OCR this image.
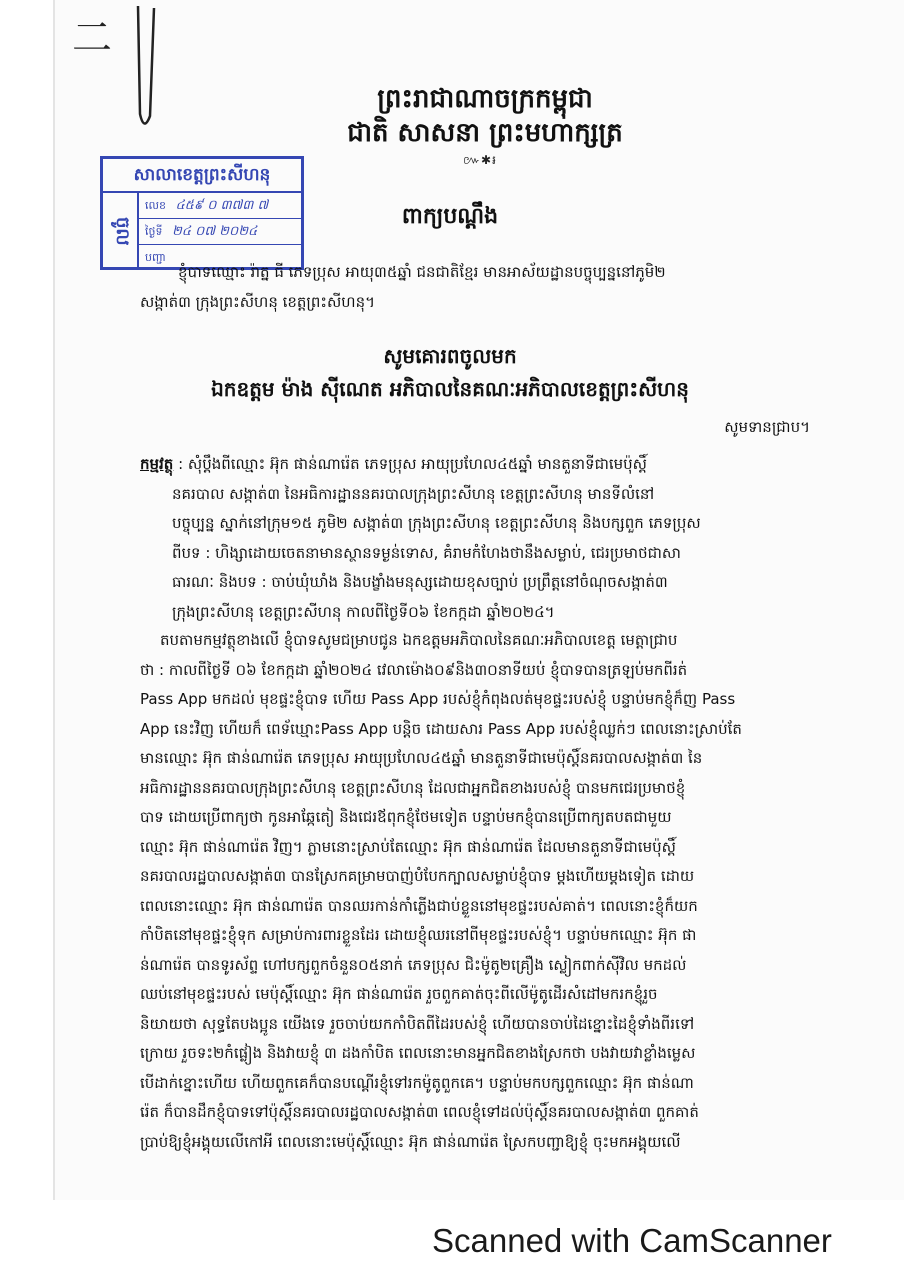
二
ព្រះរាជាណាចក្រកម្ពុជា
ជាតិ សាសនា ព្រះមហាក្សត្រ
៚✱៛
សាលាខេត្តព្រះសីហនុ
ចូល
លេខ ៤៥៩ ០ ៣៧៣ ៧
ថ្ងៃទី ២៤ ០៧ ២០២៤
បញ្ជា
ពាក្យបណ្ដឹង
ខ្ញុំបាទឈ្មោះ រ៉ាត្ន ធី ភេទប្រុស អាយុ៣៥ឆ្នាំ ជនជាតិខ្មែរ មានអាស័យដ្ឋានបច្ចុប្បន្ននៅភូមិ២
សង្កាត់៣ ក្រុងព្រះសីហនុ ខេត្តព្រះសីហនុ។
សូមគោរពចូលមក
ឯកឧត្តម ម៉ាង ស៊ីណេត អភិបាលនៃគណៈអភិបាលខេត្តព្រះសីហនុ
សូមទានជ្រាប។
កម្មវត្ថុ : សុំប្ដឹងពីឈ្មោះ អ៊ុក ផាន់ណារ៉េត ភេទប្រុស អាយុប្រហែល៤៥ឆ្នាំ មានតួនាទីជាមេប៉ុស្តិ៍
នគរបាល សង្កាត់៣ នៃអធិការដ្ឋាននគរបាលក្រុងព្រះសីហនុ ខេត្តព្រះសីហនុ មានទីលំនៅ
បច្ចុប្បន្ន ស្នាក់នៅក្រុម១៥ ភូមិ២ សង្កាត់៣ ក្រុងព្រះសីហនុ ខេត្តព្រះសីហនុ និងបក្សពួក ភេទប្រុស
ពីបទ : ហិង្សាដោយចេតនាមានស្ថានទម្ងន់ទោស, គំរាមកំហែងថានឹងសម្លាប់, ជេរប្រមាថជាសា
ធារណៈ និងបទ : ចាប់ឃុំឃាំង និងបង្ខាំងមនុស្សដោយខុសច្បាប់ ប្រព្រឹត្តនៅចំណុចសង្កាត់៣
ក្រុងព្រះសីហនុ ខេត្តព្រះសីហនុ កាលពីថ្ងៃទី០៦ ខែកក្កដា ឆ្នាំ២០២៤។
តបតាមកម្មវត្ថុខាងលើ ខ្ញុំបាទសូមជម្រាបជូន ឯកឧត្តមអភិបាលនៃគណៈអភិបាលខេត្ត មេត្តាជ្រាប
ថា : កាលពីថ្ងៃទី ០៦ ខែកក្កដា ឆ្នាំ២០២៤ វេលាម៉ោង០៩និង៣០នាទីយប់ ខ្ញុំបាទបានត្រឡប់មកពីរត់
Pass App មកដល់ មុខផ្ទះខ្ញុំបាទ ហើយ Pass App របស់ខ្ញុំកំពុងលត់មុខផ្ទះរបស់ខ្ញុំ បន្ទាប់មកខ្ញុំក៏ញ Pass
App នេះវិញ ហើយក៏ ពេទ័ឃ្មោះPass App បន្តិច ដោយសារ Pass App របស់ខ្ញុំឈ្លក់ៗ ពេលនោះស្រាប់តែ
មានឈ្មោះ អ៊ុក ផាន់ណារ៉េត ភេទប្រុស អាយុប្រហែល៤៥ឆ្នាំ មានតួនាទីជាមេប៉ុស្តិ៍នគរបាលសង្កាត់៣ នៃ
អធិការដ្ឋាននគរបាលក្រុងព្រះសីហនុ ខេត្តព្រះសីហនុ ដែលជាអ្នកជិតខាងរបស់ខ្ញុំ បានមកជេរប្រមាថខ្ញុំ
បាទ ដោយប្រើពាក្យថា កូនអាឆ្កែតៀ និងជេរឪពុកខ្ញុំថែមទៀត បន្ទាប់មកខ្ញុំបានប្រើពាក្យតបតជាមួយ
ឈ្មោះ អ៊ុក ផាន់ណារ៉េត វិញ។ ភ្លាមនោះស្រាប់តែឈ្មោះ អ៊ុក ផាន់ណារ៉េត ដែលមានតួនាទីជាមេប៉ុស្តិ៍
នគរបាលរដ្ឋបាលសង្កាត់៣ បានស្រែកគម្រាមបាញ់បំបែកក្បាលសម្លាប់ខ្ញុំបាទ ម្ដងហើយម្ដងទៀត ដោយ
ពេលនោះឈ្មោះ អ៊ុក ផាន់ណារ៉េត បានឈរកាន់កាំភ្លើងជាប់ខ្លួននៅមុខផ្ទះរបស់គាត់។ ពេលនោះខ្ញុំក៏យក
កាំបិតនៅមុខផ្ទះខ្ញុំទុក សម្រាប់ការពារខ្លួនដែរ ដោយខ្ញុំឈរនៅពីមុខផ្ទះរបស់ខ្ញុំ។ បន្ទាប់មកឈ្មោះ អ៊ុក ផា
ន់ណារ៉េត បានទូរស័ព្ទ ហៅបក្សពួកចំនួន០៥នាក់ ភេទប្រុស ជិះម៉ូតូ២គ្រឿង ស្លៀកពាក់ស៊ីវិល មកដល់
ឈប់នៅមុខផ្ទះរបស់ មេប៉ុស្តិ៍ឈ្មោះ អ៊ុក ផាន់ណារ៉េត រួចពួកគាត់ចុះពីលើម៉ូតូដើរសំដៅមករកខ្ញុំរួច
និយាយថា សុទ្ធតែបងប្អូន យើងទេ រួចចាប់យកកាំបិតពីដៃរបស់ខ្ញុំ ហើយបានចាប់ដៃខ្នោះដៃខ្ញុំទាំងពីរទៅ
ក្រោយ រួចទះ២កំផ្លៀង និងវាយខ្ញុំ ៣ ដងកាំបិត ពេលនោះមានអ្នកជិតខាងស្រែកថា បងវាយវាខ្លាំងម្លេស
បើដាក់ខ្នោះហើយ ហើយពួកគេក៏បានបណ្ដើរខ្ញុំទៅរកម៉ូតូពួកគេ។ បន្ទាប់មកបក្សពួកឈ្មោះ អ៊ុក ផាន់ណា
រ៉េត ក៏បានដឹកខ្ញុំបាទទៅប៉ុស្តិ៍នគរបាលរដ្ឋបាលសង្កាត់៣ ពេលខ្ញុំទៅដល់ប៉ុស្តិ៍នគរបាលសង្កាត់៣ ពួកគាត់
ប្រាប់ឱ្យខ្ញុំអង្គុយលើកៅអី ពេលនោះមេប៉ុស្តិ៍ឈ្មោះ អ៊ុក ផាន់ណារ៉េត ស្រែកបញ្ជាឱ្យខ្ញុំ ចុះមកអង្គុយលើ
Scanned with CamScanner
